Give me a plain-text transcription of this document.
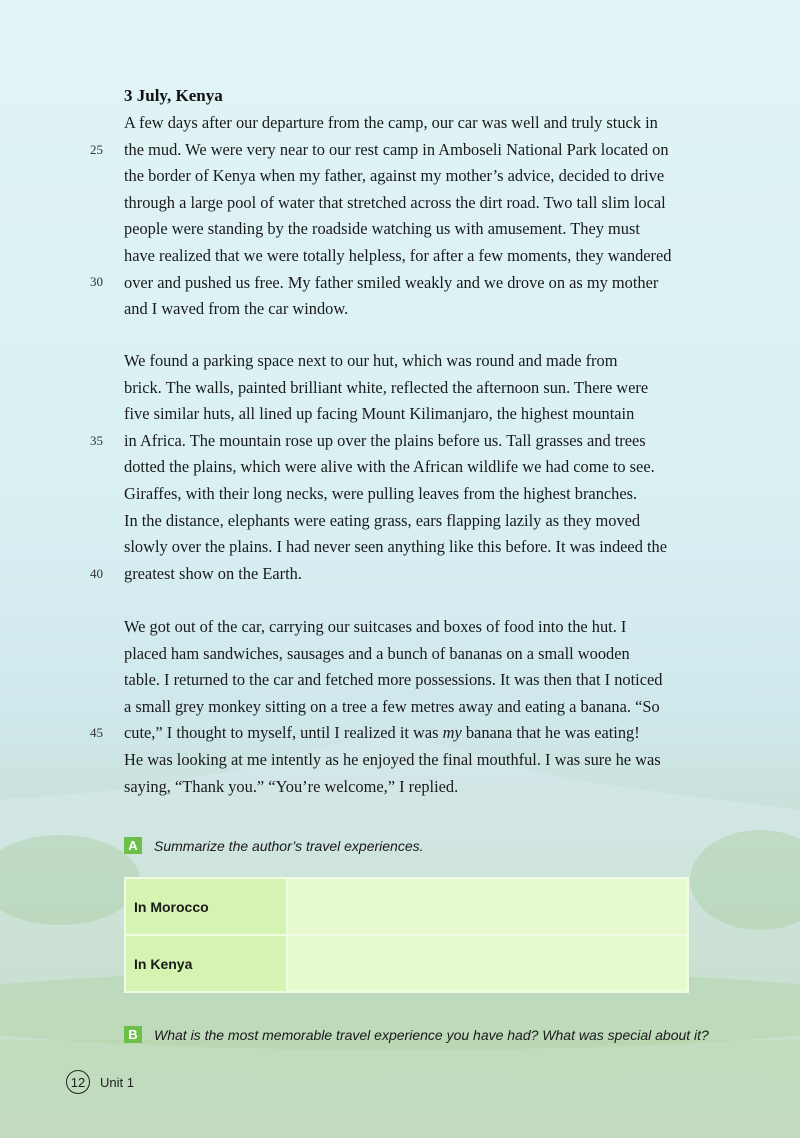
3 July, Kenya
A few days after our departure from the camp, our car was well and truly stuck in
the mud. We were very near to our rest camp in Amboseli National Park located on
the border of Kenya when my father, against my mother’s advice, decided to drive
through a large pool of water that stretched across the dirt road. Two tall slim local
people were standing by the roadside watching us with amusement. They must
have realized that we were totally helpless, for after a few moments, they wandered
over and pushed us free. My father smiled weakly and we drove on as my mother
and I waved from the car window.
We found a parking space next to our hut, which was round and made from
brick. The walls, painted brilliant white, reflected the afternoon sun. There were
five similar huts, all lined up facing Mount Kilimanjaro, the highest mountain
in Africa. The mountain rose up over the plains before us. Tall grasses and trees
dotted the plains, which were alive with the African wildlife we had come to see.
Giraffes, with their long necks, were pulling leaves from the highest branches.
In the distance, elephants were eating grass, ears flapping lazily as they moved
slowly over the plains. I had never seen anything like this before. It was indeed the
greatest show on the Earth.
We got out of the car, carrying our suitcases and boxes of food into the hut. I
placed ham sandwiches, sausages and a bunch of bananas on a small wooden
table. I returned to the car and fetched more possessions. It was then that I noticed
a small grey monkey sitting on a tree a few metres away and eating a banana. “So
cute,” I thought to myself, until I realized it was my banana that he was eating!
He was looking at me intently as he enjoyed the final mouthful. I was sure he was
saying, “Thank you.” “You’re welcome,” I replied.
25
30
35
40
45
A	Summarize the author’s travel experiences.
In Morocco	
In Kenya	
B	What is the most memorable travel experience you have had? What was special about it?
12	Unit 1
